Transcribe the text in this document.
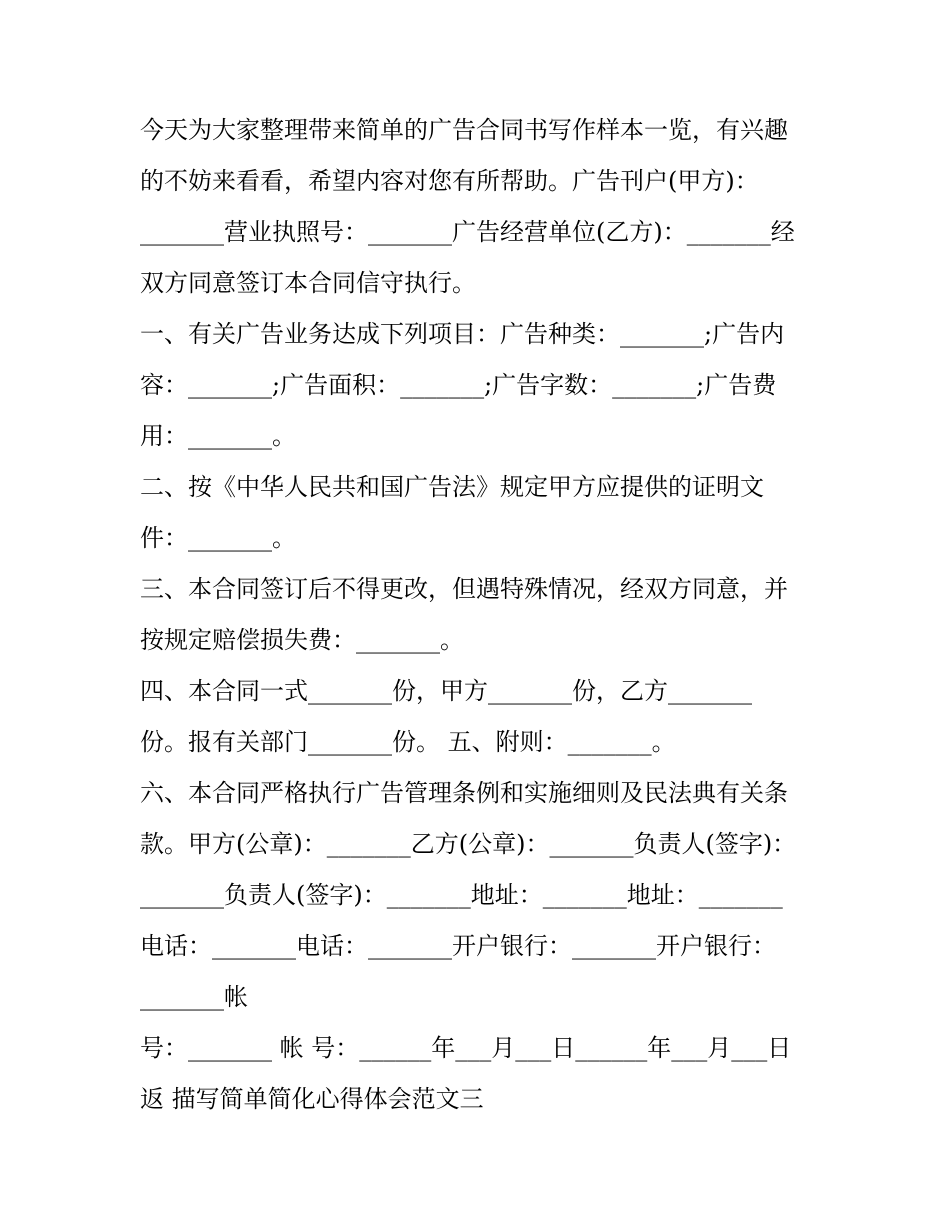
今天为大家整理带来简单的广告合同书写作样本一览，有兴趣
的不妨来看看，希望内容对您有所帮助。广告刊户(甲方)：
_______营业执照号：_______广告经营单位(乙方)：_______经
双方同意签订本合同信守执行。
一、有关广告业务达成下列项目：广告种类：_______;广告内
容：_______;广告面积：_______;广告字数：_______;广告费
用：_______。
二、按《中华人民共和国广告法》规定甲方应提供的证明文
件：_______。
三、本合同签订后不得更改，但遇特殊情况，经双方同意，并
按规定赔偿损失费：_______。
四、本合同一式_______份，甲方_______份，乙方_______
份。报有关部门_______份。 五、附则：_______。
六、本合同严格执行广告管理条例和实施细则及民法典有关条
款。甲方(公章)：_______乙方(公章)：_______负责人(签字)：
_______负责人(签字)：_______地址：_______地址：_______
电话：_______电话：_______开户银行：_______开户银行：
_______帐
号：_______ 帐 号：______年___月___日______年___月___日
返 描写简单简化心得体会范文三
